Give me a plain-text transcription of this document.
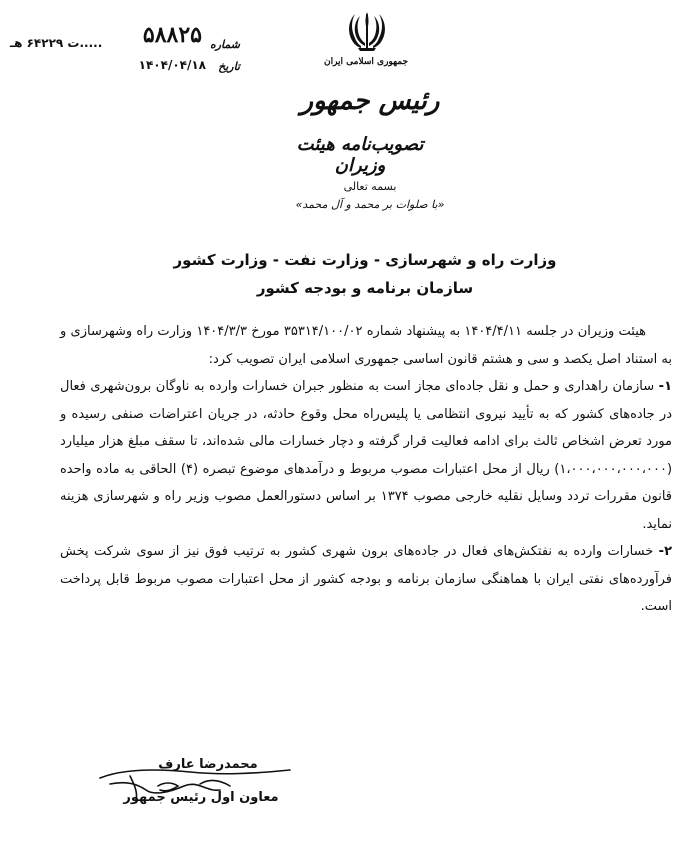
شماره
۵۸۸۲۵
.....ت ۶۴۲۲۹ هـ
تاریخ
۱۴۰۴/۰۴/۱۸	جمهوری اسلامی ایران
رئیس جمهور
تصویب‌نامه هیئت وزیران
بسمه تعالی
«با صلوات بر محمد و آل محمد»
وزارت راه و شهرسازی - وزارت نفت - وزارت کشور
سازمان برنامه و بودجه کشور

هیئت وزیران در جلسه ۱۴۰۴/۴/۱۱ به پیشنهاد شماره ۳۵۳۱۴/۱۰۰/۰۲ مورخ ۱۴۰۴/۳/۳ وزارت راه وشهرسازی و به استناد اصل یکصد و سی و هشتم قانون اساسی جمهوری اسلامی ایران تصویب کرد:

۱- سازمان راهداری و حمل و نقل جاده‌ای مجاز است به منظور جبران خسارات وارده به ناوگان برون‌شهری فعال در جاده‌های کشور که به تأیید نیروی انتظامی یا پلیس‌راه محل وقوع حادثه، در جریان اعتراضات صنفی رسیده و مورد تعرض اشخاص ثالث برای ادامه فعالیت قرار گرفته و دچار خسارات مالی شده‌اند، تا سقف مبلغ هزار میلیارد (۱،۰۰۰،۰۰۰،۰۰۰،۰۰۰) ریال از محل اعتبارات مصوب مربوط و درآمدهای موضوع تبصره (۴) الحاقی به ماده واحده قانون مقررات تردد وسایل نقلیه خارجی مصوب ۱۳۷۴ بر اساس دستورالعمل مصوب وزیر راه و شهرسازی هزینه نماید.

۲- خسارات وارده به نفتکش‌های فعال در جاده‌های برون شهری کشور به ترتیب فوق نیز از سوی شرکت پخش فرآورده‌های نفتی ایران با هماهنگی سازمان برنامه و بودجه کشور از محل اعتبارات مصوب مربوط قابل پرداخت است.

محمدرضا عارف
معاون اول رئیس جمهور
